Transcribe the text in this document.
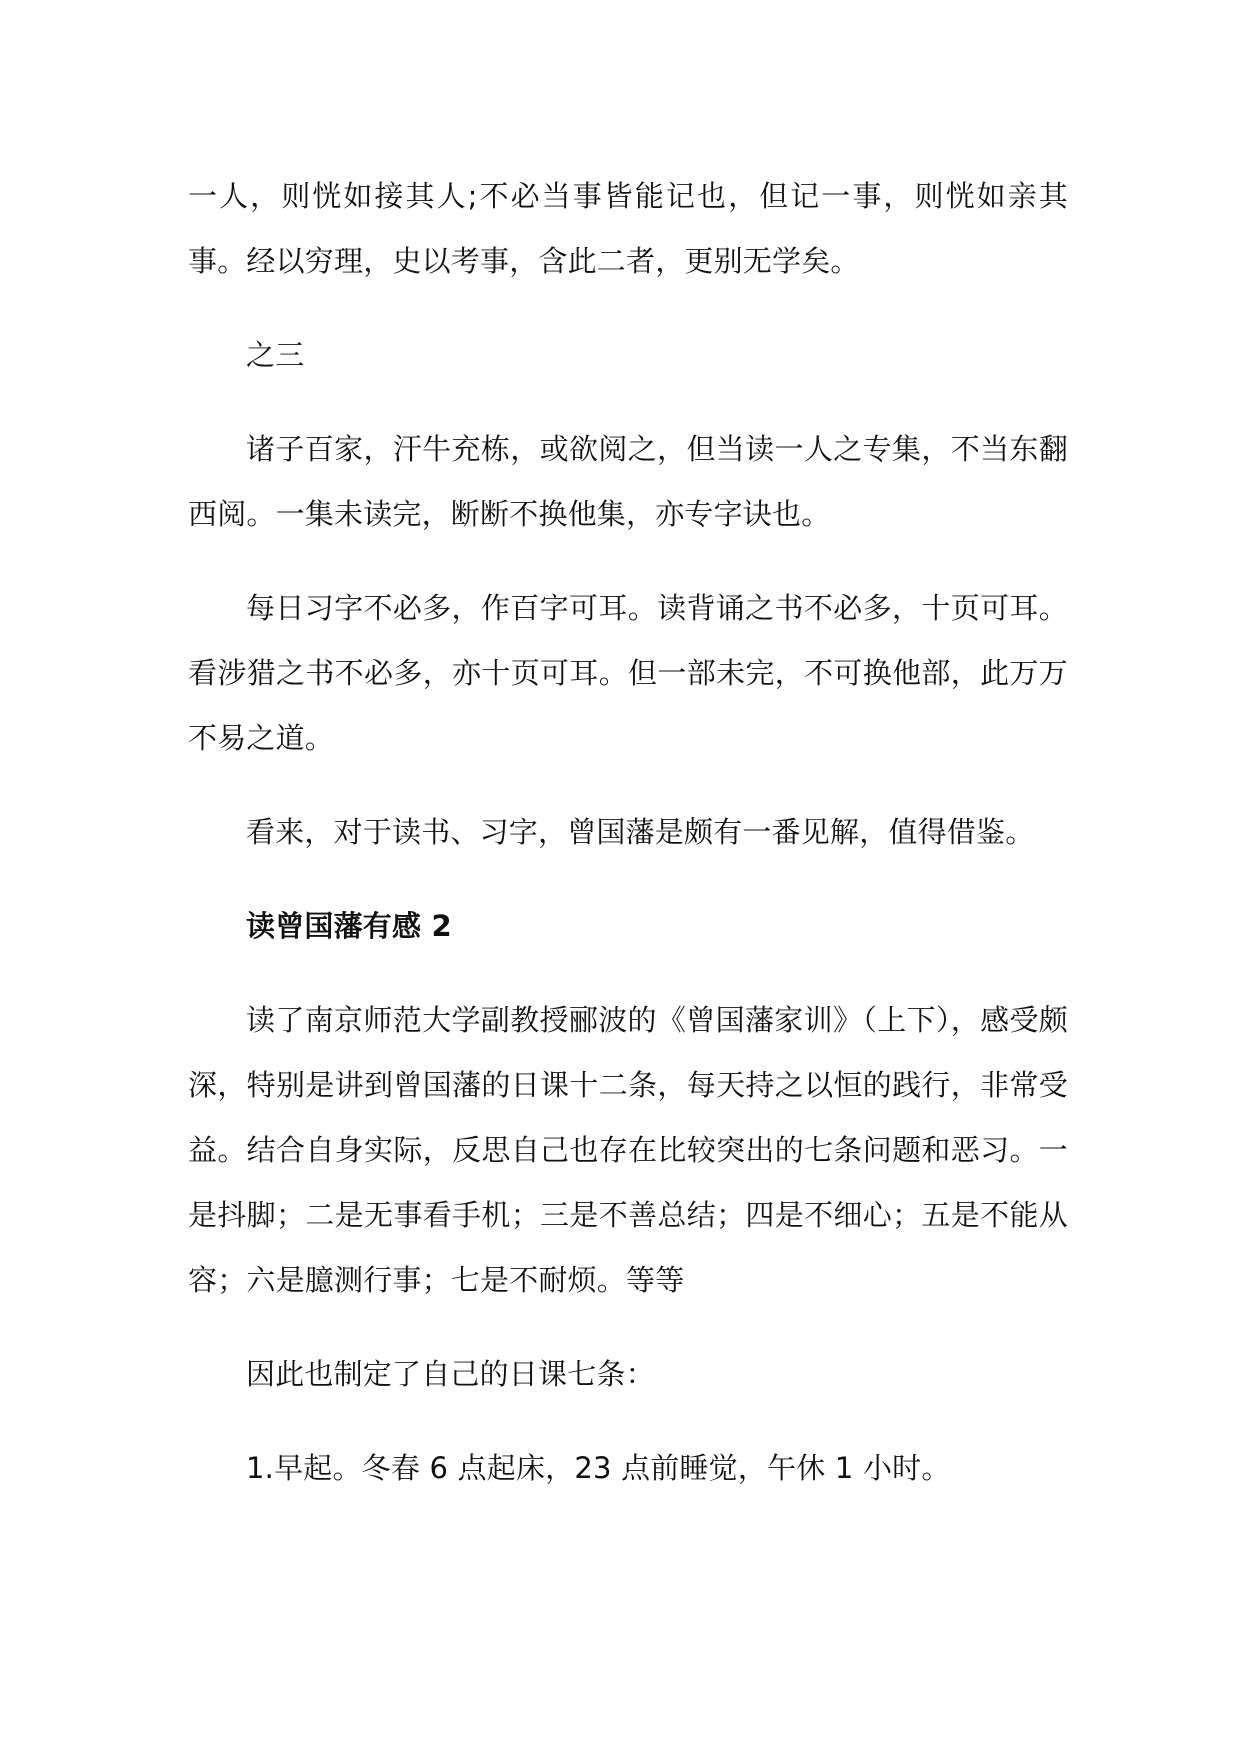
一人，则恍如接其人;不必当事皆能记也，但记一事，则恍如亲其事。经以穷理，史以考事，含此二者，更别无学矣。

之三

诸子百家，汗牛充栋，或欲阅之，但当读一人之专集，不当东翻西阅。一集未读完，断断不换他集，亦专字诀也。

每日习字不必多，作百字可耳。读背诵之书不必多，十页可耳。看涉猎之书不必多，亦十页可耳。但一部未完，不可换他部，此万万不易之道。

看来，对于读书、习字，曾国藩是颇有一番见解，值得借鉴。

读曾国藩有感 2

读了南京师范大学副教授郦波的《曾国藩家训》（上下），感受颇深，特别是讲到曾国藩的日课十二条，每天持之以恒的践行，非常受益。结合自身实际，反思自己也存在比较突出的七条问题和恶习。一是抖脚；二是无事看手机；三是不善总结；四是不细心；五是不能从容；六是臆测行事；七是不耐烦。等等

因此也制定了自己的日课七条：

1.早起。冬春 6 点起床，23 点前睡觉，午休 1 小时。
